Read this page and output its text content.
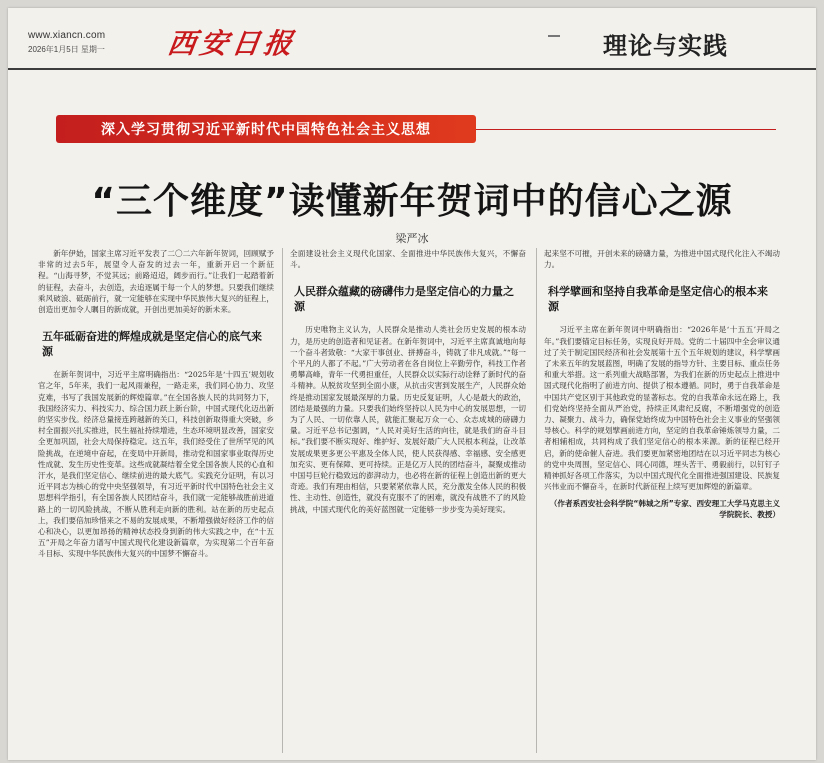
www.xiancn.com
2026年1月5日 星期一 西安日报	理论与实践
深入学习贯彻习近平新时代中国特色社会主义思想
“三个维度”读懂新年贺词中的信心之源
梁严冰

新年伊始，国家主席习近平发表了二〇二六年新年贺词，回顾赋予非常的过去5年，展望令人奋发的过去一年，重新开启一个新征程。“山海寻梦，不觉其远；前路迢迢，阔步而行。”让我们一起踏着新的征程，去奋斗，去创造，去追逐属于每一个人的梦想。只要我们继续乘风破浪、砥砺前行，就一定能够在实现中华民族伟大复兴的征程上，创造出更加令人瞩目的新成就，开创出更加美好的新未来。

五年砥砺奋进的辉煌成就是坚定信心的底气来源

在新年贺词中，习近平主席明确指出：“2025年是‘十四五’规划收官之年，5年来，我们一起风雨兼程，一路走来，我们同心协力、攻坚克难，书写了我国发展新的辉煌篇章。”在全国各族人民的共同努力下，我国经济实力、科技实力、综合国力跃上新台阶，中国式现代化迈出新的坚实步伐。经济总量接连跨越新的关口，科技创新取得重大突破，乡村全面振兴扎实推进，民生福祉持续增进，生态环境明显改善，国家安全更加巩固，社会大局保持稳定。这五年，我们经受住了世所罕见的风险挑战，在逆境中奋起，在变局中开新局，推动党和国家事业取得历史性成就、发生历史性变革。这些成就凝结着全党全国各族人民的心血和汗水，是我们坚定信心、继续前进的最大底气。实践充分证明，有以习近平同志为核心的党中央坚强领导，有习近平新时代中国特色社会主义思想科学指引，有全国各族人民团结奋斗，我们就一定能够战胜前进道路上的一切风险挑战，不断从胜利走向新的胜利。站在新的历史起点上，我们要倍加珍惜来之不易的发展成果，不断增强做好经济工作的信心和决心，以更加昂扬的精神状态投身到新的伟大实践之中，在“十五五”开局之年奋力谱写中国式现代化建设新篇章，为实现第二个百年奋斗目标、实现中华民族伟大复兴的中国梦不懈奋斗。

全面建设社会主义现代化国家、全面推进中华民族伟大复兴，不懈奋斗。

人民群众蕴藏的磅礴伟力是坚定信心的力量之源

历史唯物主义认为，人民群众是推动人类社会历史发展的根本动力，是历史的创造者和见证者。在新年贺词中，习近平主席真诚地向每一个奋斗者致敬：“大家干事创业、拼搏奋斗，铸就了非凡成就。”“每一个平凡的人都了不起。”广大劳动者在各自岗位上辛勤劳作，科技工作者勇攀高峰，青年一代勇担重任，人民群众以实际行动诠释了新时代的奋斗精神。从脱贫攻坚到全面小康，从抗击灾害到发展生产，人民群众始终是推动国家发展最深厚的力量。历史反复证明，人心是最大的政治，团结是最强的力量。只要我们始终坚持以人民为中心的发展思想，一切为了人民、一切依靠人民，就能汇聚起万众一心、众志成城的磅礴力量。习近平总书记强调，“人民对美好生活的向往，就是我们的奋斗目标。”我们要不断实现好、维护好、发展好最广大人民根本利益，让改革发展成果更多更公平惠及全体人民，使人民获得感、幸福感、安全感更加充实、更有保障、更可持续。正是亿万人民的团结奋斗，凝聚成推动中国号巨轮行稳致远的澎湃动力，也必将在新的征程上创造出新的更大奇迹。我们有理由相信，只要紧紧依靠人民，充分激发全体人民的积极性、主动性、创造性，就没有克服不了的困难，就没有战胜不了的风险挑战，中国式现代化的美好蓝图就一定能够一步步变为美好现实。

起来坚不可摧，开创未来的磅礴力量，为推进中国式现代化注入不竭动力。

科学擘画和坚持自我革命是坚定信心的根本来源

习近平主席在新年贺词中明确指出：“2026年是‘十五五’开局之年。”我们要锚定目标任务，实现良好开局。党的二十届四中全会审议通过了关于制定国民经济和社会发展第十五个五年规划的建议，科学擘画了未来五年的发展蓝图，明确了发展的指导方针、主要目标、重点任务和重大举措。这一系列重大战略部署，为我们在新的历史起点上推进中国式现代化指明了前进方向、提供了根本遵循。同时，勇于自我革命是中国共产党区别于其他政党的显著标志。党的自我革命永远在路上，我们党始终坚持全面从严治党，持续正风肃纪反腐，不断增强党的创造力、凝聚力、战斗力，确保党始终成为中国特色社会主义事业的坚强领导核心。科学的规划擘画前进方向，坚定的自我革命锤炼领导力量，二者相辅相成，共同构成了我们坚定信心的根本来源。新的征程已经开启，新的使命催人奋进。我们要更加紧密地团结在以习近平同志为核心的党中央周围，坚定信心、同心同德，埋头苦干、勇毅前行，以钉钉子精神抓好各项工作落实，为以中国式现代化全面推进强国建设、民族复兴伟业而不懈奋斗，在新时代新征程上续写更加辉煌的新篇章。

（作者系西安社会科学院“韩城之所”专家、西安理工大学马克思主义学院院长、教授）
